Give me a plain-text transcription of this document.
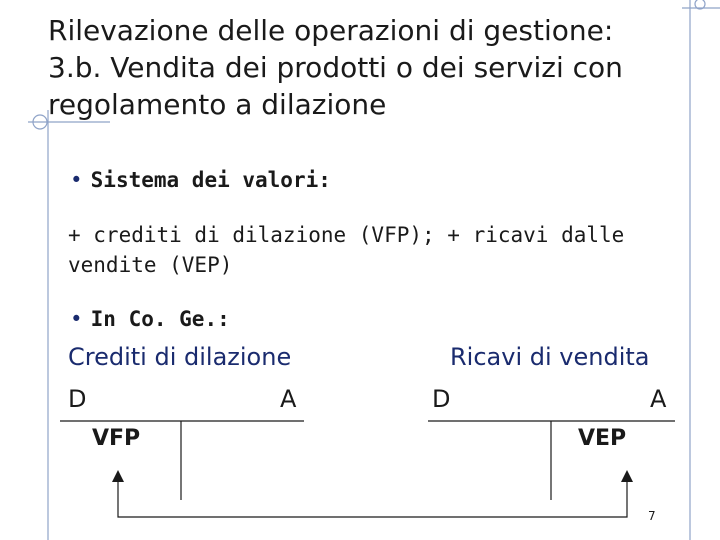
Rilevazione delle operazioni di gestione:
3.b. Vendita dei prodotti o dei servizi con
regolamento a dilazione
• Sistema dei valori:
+ crediti di dilazione (VFP); + ricavi dalle vendite (VEP)
• In Co. Ge.:
Crediti di dilazione
D	A
VFP
Ricavi di vendita
D	A
VEP
7
